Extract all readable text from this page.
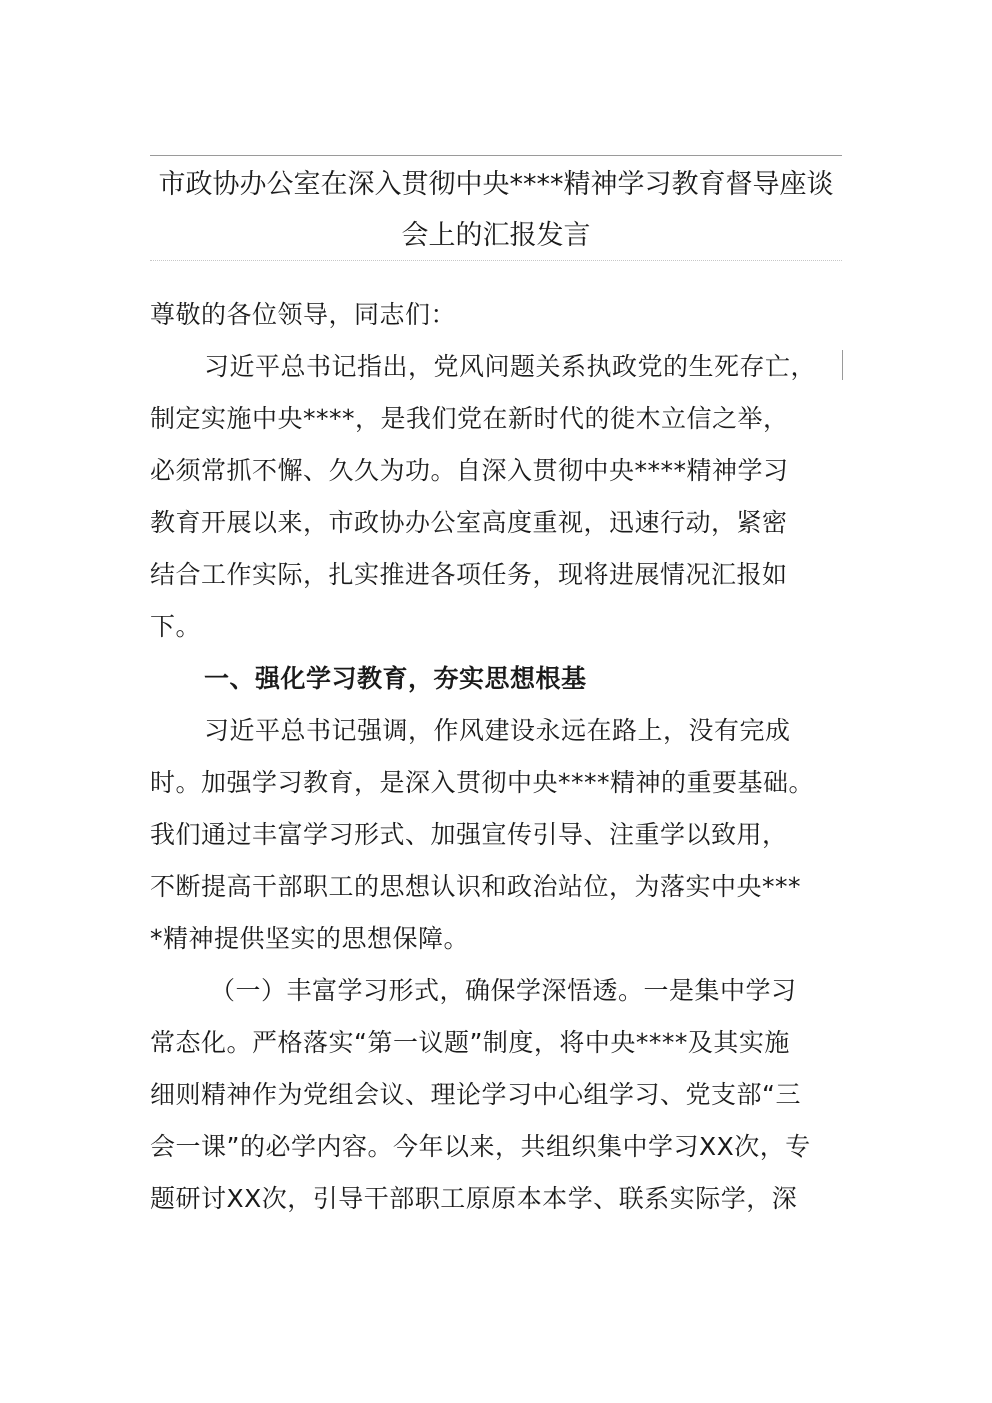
市政协办公室在深入贯彻中央****精神学习教育督导座谈
会上的汇报发言
尊敬的各位领导，同志们：
习近平总书记指出，党风问题关系执政党的生死存亡，
制定实施中央****，是我们党在新时代的徙木立信之举，
必须常抓不懈、久久为功。自深入贯彻中央****精神学习
教育开展以来，市政协办公室高度重视，迅速行动，紧密
结合工作实际，扎实推进各项任务，现将进展情况汇报如
下。
一、强化学习教育，夯实思想根基
习近平总书记强调，作风建设永远在路上，没有完成
时。加强学习教育，是深入贯彻中央****精神的重要基础。
我们通过丰富学习形式、加强宣传引导、注重学以致用，
不断提高干部职工的思想认识和政治站位，为落实中央***
*精神提供坚实的思想保障。
（一）丰富学习形式，确保学深悟透。一是集中学习
常态化。严格落实“第一议题”制度，将中央****及其实施
细则精神作为党组会议、理论学习中心组学习、党支部“三
会一课”的必学内容。今年以来，共组织集中学习XX次，专
题研讨XX次，引导干部职工原原本本学、联系实际学，深
